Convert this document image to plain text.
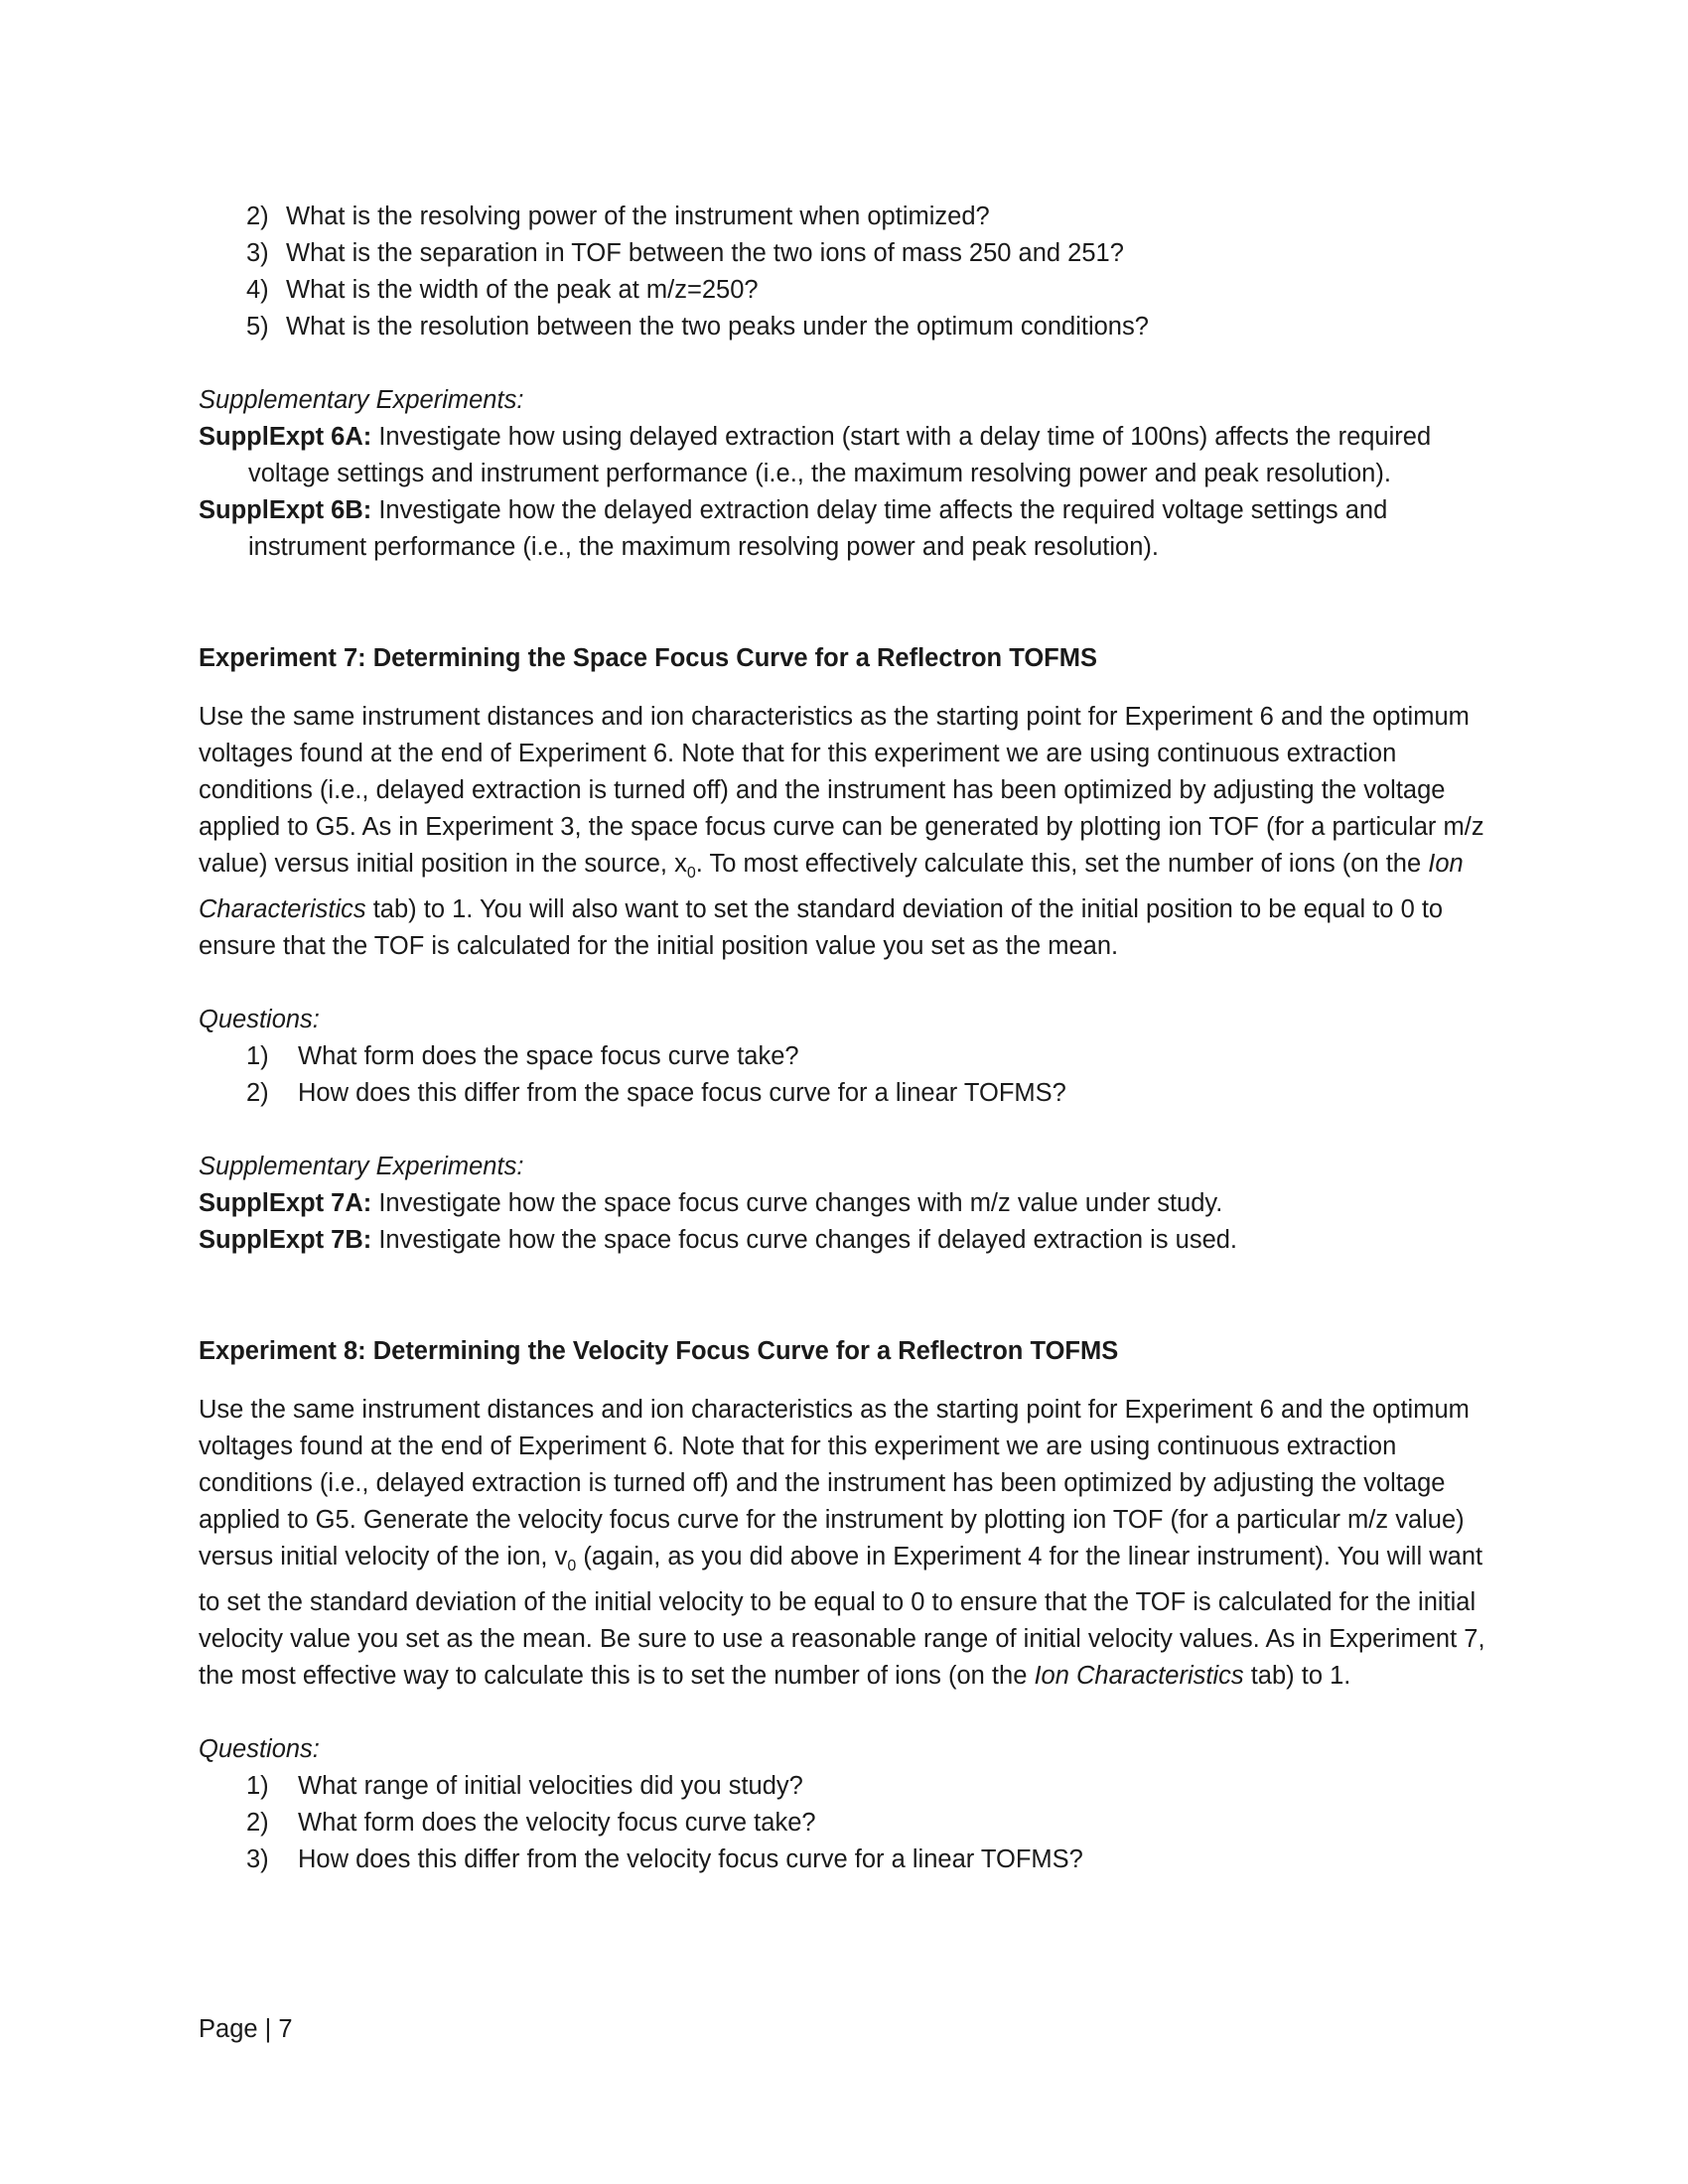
2) What is the resolving power of the instrument when optimized?
3) What is the separation in TOF between the two ions of mass 250 and 251?
4) What is the width of the peak at m/z=250?
5) What is the resolution between the two peaks under the optimum conditions?

Supplementary Experiments:

SupplExpt 6A: Investigate how using delayed extraction (start with a delay time of 100ns) affects the required voltage settings and instrument performance (i.e., the maximum resolving power and peak resolution).
SupplExpt 6B: Investigate how the delayed extraction delay time affects the required voltage settings and instrument performance (i.e., the maximum resolving power and peak resolution).
Experiment 7: Determining the Space Focus Curve for a Reflectron TOFMS

Use the same instrument distances and ion characteristics as the starting point for Experiment 6 and the optimum voltages found at the end of Experiment 6. Note that for this experiment we are using continuous extraction conditions (i.e., delayed extraction is turned off) and the instrument has been optimized by adjusting the voltage applied to G5. As in Experiment 3, the space focus curve can be generated by plotting ion TOF (for a particular m/z value) versus initial position in the source, $x_0$. To most effectively calculate this, set the number of ions (on the Ion Characteristics tab) to 1. You will also want to set the standard deviation of the initial position to be equal to 0 to ensure that the TOF is calculated for the initial position value you set as the mean.

Questions:

1) What form does the space focus curve take?
2) How does this differ from the space focus curve for a linear TOFMS?

Supplementary Experiments:

SupplExpt 7A: Investigate how the space focus curve changes with m/z value under study.
SupplExpt 7B: Investigate how the space focus curve changes if delayed extraction is used.
Experiment 8: Determining the Velocity Focus Curve for a Reflectron TOFMS

Use the same instrument distances and ion characteristics as the starting point for Experiment 6 and the optimum voltages found at the end of Experiment 6. Note that for this experiment we are using continuous extraction conditions (i.e., delayed extraction is turned off) and the instrument has been optimized by adjusting the voltage applied to G5. Generate the velocity focus curve for the instrument by plotting ion TOF (for a particular m/z value) versus initial velocity of the ion, $v_0$ (again, as you did above in Experiment 4 for the linear instrument). You will want to set the standard deviation of the initial velocity to be equal to 0 to ensure that the TOF is calculated for the initial velocity value you set as the mean. Be sure to use a reasonable range of initial velocity values. As in Experiment 7, the most effective way to calculate this is to set the number of ions (on the Ion Characteristics tab) to 1.

Questions:

1) What range of initial velocities did you study?
2) What form does the velocity focus curve take?
3) How does this differ from the velocity focus curve for a linear TOFMS?
Page | 7
